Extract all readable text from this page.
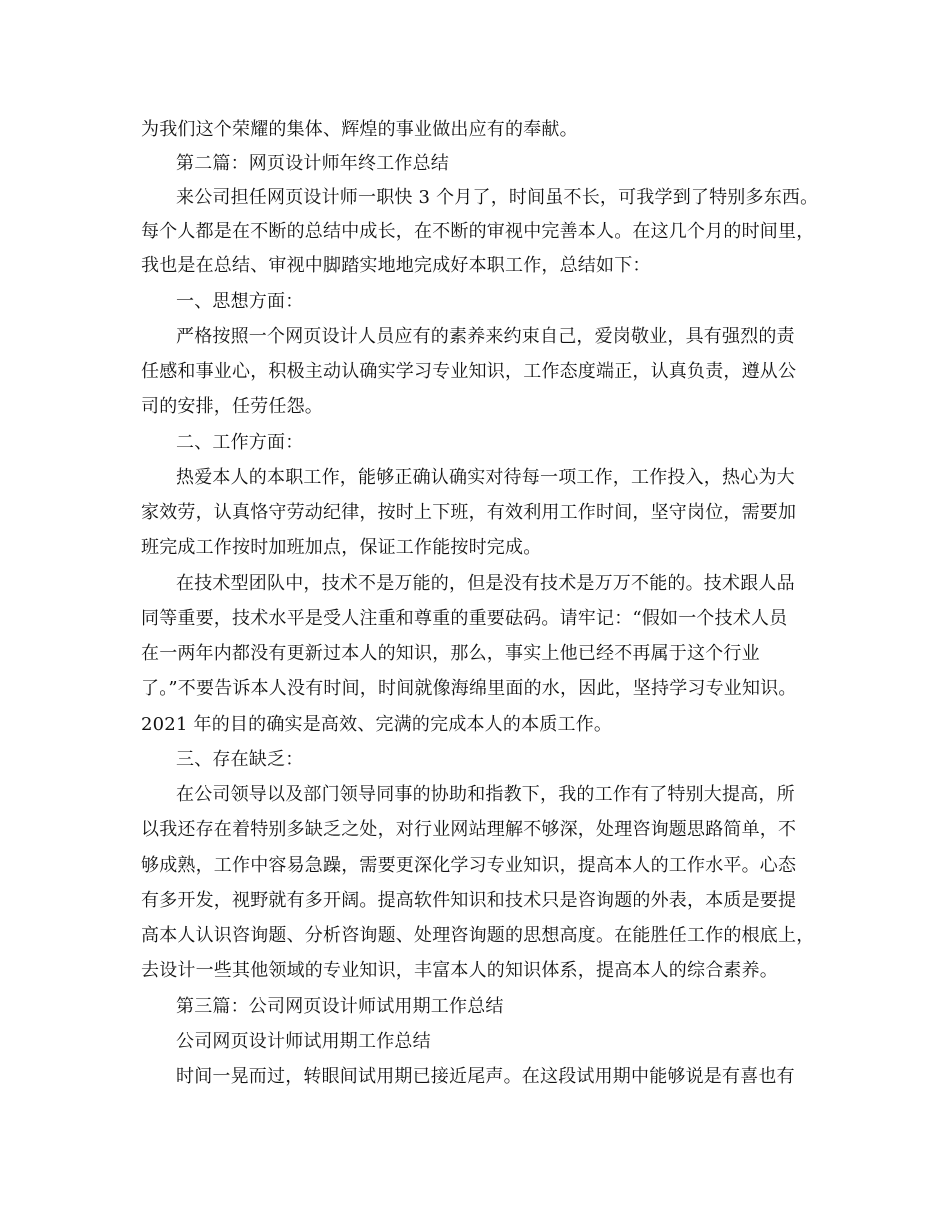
为我们这个荣耀的集体、辉煌的事业做出应有的奉献。
第二篇：网页设计师年终工作总结
来公司担任网页设计师一职快 3 个月了，时间虽不长，可我学到了特别多东西。
每个人都是在不断的总结中成长，在不断的审视中完善本人。在这几个月的时间里，
我也是在总结、审视中脚踏实地地完成好本职工作，总结如下：
一、思想方面：
严格按照一个网页设计人员应有的素养来约束自己，爱岗敬业，具有强烈的责
任感和事业心，积极主动认确实学习专业知识，工作态度端正，认真负责，遵从公
司的安排，任劳任怨。
二、工作方面：
热爱本人的本职工作，能够正确认确实对待每一项工作，工作投入，热心为大
家效劳，认真恪守劳动纪律，按时上下班，有效利用工作时间，坚守岗位，需要加
班完成工作按时加班加点，保证工作能按时完成。
在技术型团队中，技术不是万能的，但是没有技术是万万不能的。技术跟人品
同等重要，技术水平是受人注重和尊重的重要砝码。请牢记：“假如一个技术人员
在一两年内都没有更新过本人的知识，那么，事实上他已经不再属于这个行业
了。”不要告诉本人没有时间，时间就像海绵里面的水，因此，坚持学习专业知识。
2021 年的目的确实是高效、完满的完成本人的本质工作。
三、存在缺乏：
在公司领导以及部门领导同事的协助和指教下，我的工作有了特别大提高，所
以我还存在着特别多缺乏之处，对行业网站理解不够深，处理咨询题思路简单，不
够成熟，工作中容易急躁，需要更深化学习专业知识，提高本人的工作水平。心态
有多开发，视野就有多开阔。提高软件知识和技术只是咨询题的外表，本质是要提
高本人认识咨询题、分析咨询题、处理咨询题的思想高度。在能胜任工作的根底上，
去设计一些其他领域的专业知识，丰富本人的知识体系，提高本人的综合素养。
第三篇：公司网页设计师试用期工作总结
公司网页设计师试用期工作总结
时间一晃而过，转眼间试用期已接近尾声。在这段试用期中能够说是有喜也有
